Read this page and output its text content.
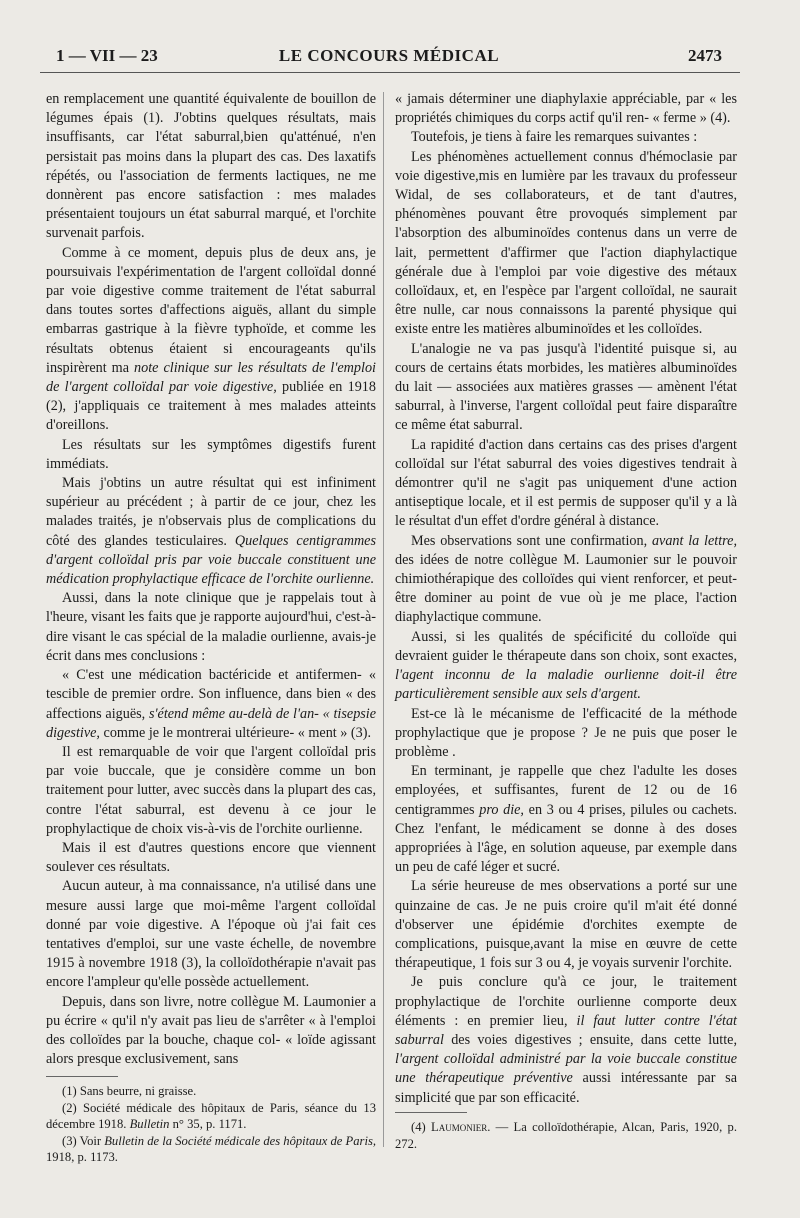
1 — VII — 23	LE CONCOURS MÉDICAL	2473

en remplacement une quantité équivalente de bouillon de légumes épais (1). J'obtins quelques résultats, mais insuffisants, car l'état saburral,bien qu'atténué, n'en persistait pas moins dans la plupart des cas. Des laxatifs répétés, ou l'association de ferments lactiques, ne me donnèrent pas encore satisfaction : mes malades présentaient toujours un état saburral marqué, et l'orchite survenait parfois.

Comme à ce moment, depuis plus de deux ans, je poursuivais l'expérimentation de l'argent colloïdal donné par voie digestive comme traitement de l'état saburral dans toutes sortes d'affections aiguës, allant du simple embarras gastrique à la fièvre typhoïde, et comme les résultats obtenus étaient si encourageants qu'ils inspirèrent ma note clinique sur les résultats de l'emploi de l'argent colloïdal par voie digestive, publiée en 1918 (2), j'appliquais ce traitement à mes malades atteints d'oreillons.

Les résultats sur les symptômes digestifs furent immédiats.

Mais j'obtins un autre résultat qui est infiniment supérieur au précédent ; à partir de ce jour, chez les malades traités, je n'observais plus de complications du côté des glandes testiculaires. Quelques centigrammes d'argent colloïdal pris par voie buccale constituent une médication prophylactique efficace de l'orchite ourlienne.

Aussi, dans la note clinique que je rappelais tout à l'heure, visant les faits que je rapporte aujourd'hui, c'est-à-dire visant le cas spécial de la maladie ourlienne, avais-je écrit dans mes conclusions :

« C'est une médication bactéricide et antifermen- « tescible de premier ordre. Son influence, dans bien « des affections aiguës, s'étend même au-delà de l'an- « tisepsie digestive, comme je le montrerai ultérieure- « ment » (3).

Il est remarquable de voir que l'argent colloïdal pris par voie buccale, que je considère comme un bon traitement pour lutter, avec succès dans la plupart des cas, contre l'état saburral, est devenu à ce jour le prophylactique de choix vis-à-vis de l'orchite ourlienne.

Mais il est d'autres questions encore que viennent soulever ces résultats.

Aucun auteur, à ma connaissance, n'a utilisé dans une mesure aussi large que moi-même l'argent colloïdal donné par voie digestive. A l'époque où j'ai fait ces tentatives d'emploi, sur une vaste échelle, de novembre 1915 à novembre 1918 (3), la colloïdothérapie n'avait pas encore l'ampleur qu'elle possède actuellement.

Depuis, dans son livre, notre collègue M. Laumonier a pu écrire « qu'il n'y avait pas lieu de s'arrêter « à l'emploi des colloïdes par la bouche, chaque col- « loïde agissant alors presque exclusivement, sans

« jamais déterminer une diaphylaxie appréciable, par « les propriétés chimiques du corps actif qu'il ren- « ferme » (4).

Toutefois, je tiens à faire les remarques suivantes :

Les phénomènes actuellement connus d'hémoclasie par voie digestive,mis en lumière par les travaux du professeur Widal, de ses collaborateurs, et de tant d'autres, phénomènes pouvant être provoqués simplement par l'absorption des albuminoïdes contenus dans un verre de lait, permettent d'affirmer que l'action diaphylactique générale due à l'emploi par voie digestive des métaux colloïdaux, et, en l'espèce par l'argent colloïdal, ne saurait être nulle, car nous connaissons la parenté physique qui existe entre les matières albuminoïdes et les colloïdes.

L'analogie ne va pas jusqu'à l'identité puisque si, au cours de certains états morbides, les matières albuminoïdes du lait — associées aux matières grasses — amènent l'état saburral, à l'inverse, l'argent colloïdal peut faire disparaître ce même état saburral.

La rapidité d'action dans certains cas des prises d'argent colloïdal sur l'état saburral des voies digestives tendrait à démontrer qu'il ne s'agit pas uniquement d'une action antiseptique locale, et il est permis de supposer qu'il y a là le résultat d'un effet d'ordre général à distance.

Mes observations sont une confirmation, avant la lettre, des idées de notre collègue M. Laumonier sur le pouvoir chimiothérapique des colloïdes qui vient renforcer, et peut-être dominer au point de vue où je me place, l'action diaphylactique commune.

Aussi, si les qualités de spécificité du colloïde qui devraient guider le thérapeute dans son choix, sont exactes, l'agent inconnu de la maladie ourlienne doit-il être particulièrement sensible aux sels d'argent.

Est-ce là le mécanisme de l'efficacité de la méthode prophylactique que je propose ? Je ne puis que poser le problème .

En terminant, je rappelle que chez l'adulte les doses employées, et suffisantes, furent de 12 ou de 16 centigrammes pro die, en 3 ou 4 prises, pilules ou cachets. Chez l'enfant, le médicament se donne à des doses appropriées à l'âge, en solution aqueuse, par exemple dans un peu de café léger et sucré.

La série heureuse de mes observations a porté sur une quinzaine de cas. Je ne puis croire qu'il m'ait été donné d'observer une épidémie d'orchites exempte de complications, puisque,avant la mise en œuvre de cette thérapeutique, 1 fois sur 3 ou 4, je voyais survenir l'orchite.

Je puis conclure qu'à ce jour, le traitement prophylactique de l'orchite ourlienne comporte deux éléments : en premier lieu, il faut lutter contre l'état saburral des voies digestives ; ensuite, dans cette lutte, l'argent colloïdal administré par la voie buccale constitue une thérapeutique préventive aussi intéressante par sa simplicité que par son efficacité.

(1) Sans beurre, ni graisse.

(2) Société médicale des hôpitaux de Paris, séance du 13 décembre 1918. Bulletin n° 35, p. 1171.

(3) Voir Bulletin de la Société médicale des hôpitaux de Paris, 1918, p. 1173.

(4) Laumonier. — La colloïdothérapie, Alcan, Paris, 1920, p. 272.
